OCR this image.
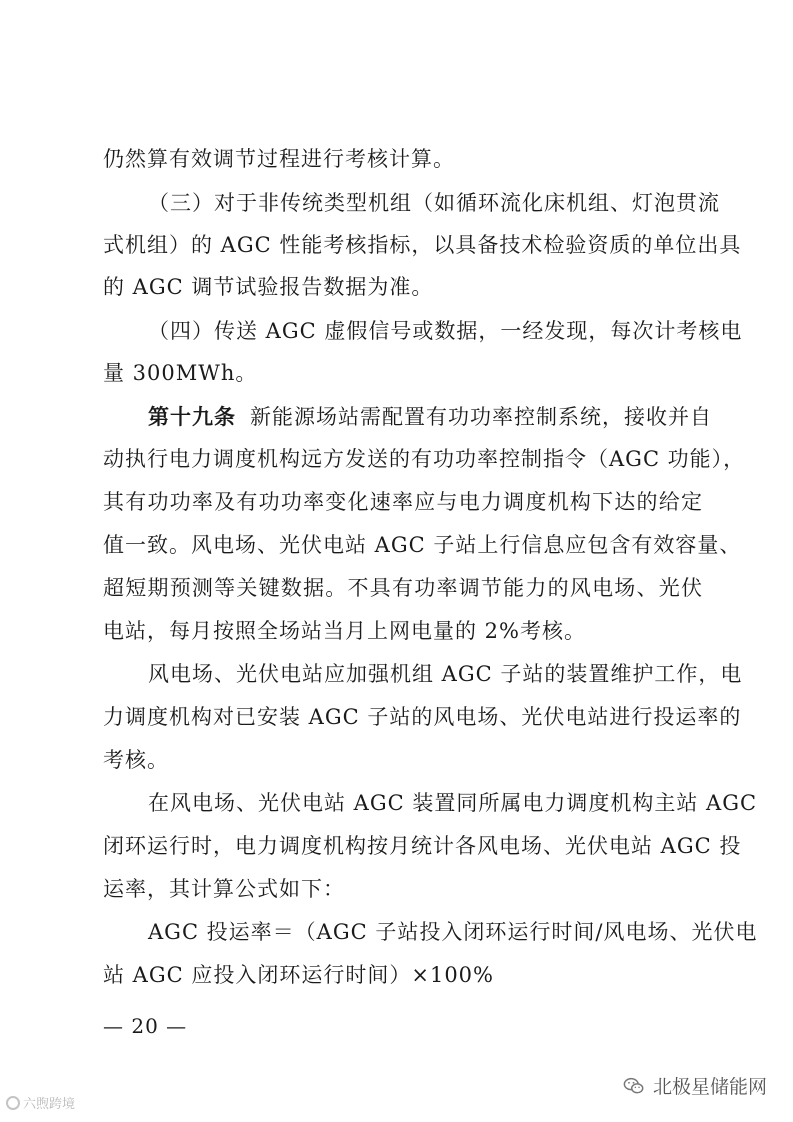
仍然算有效调节过程进行考核计算。
（三）对于非传统类型机组（如循环流化床机组、灯泡贯流
式机组）的 AGC 性能考核指标，以具备技术检验资质的单位出具
的 AGC 调节试验报告数据为准。
（四）传送 AGC 虚假信号或数据，一经发现，每次计考核电
量 300MWh。
第十九条 新能源场站需配置有功功率控制系统，接收并自
动执行电力调度机构远方发送的有功功率控制指令（AGC 功能），
其有功功率及有功功率变化速率应与电力调度机构下达的给定
值一致。风电场、光伏电站 AGC 子站上行信息应包含有效容量、
超短期预测等关键数据。不具有功率调节能力的风电场、光伏
电站，每月按照全场站当月上网电量的 2%考核。
风电场、光伏电站应加强机组 AGC 子站的装置维护工作，电
力调度机构对已安装 AGC 子站的风电场、光伏电站进行投运率的
考核。
在风电场、光伏电站 AGC 装置同所属电力调度机构主站 AGC
闭环运行时，电力调度机构按月统计各风电场、光伏电站 AGC 投
运率，其计算公式如下：
AGC 投运率＝（AGC 子站投入闭环运行时间/风电场、光伏电
站 AGC 应投入闭环运行时间）×100%
— 20 —
六煦跨境
北极星储能网
